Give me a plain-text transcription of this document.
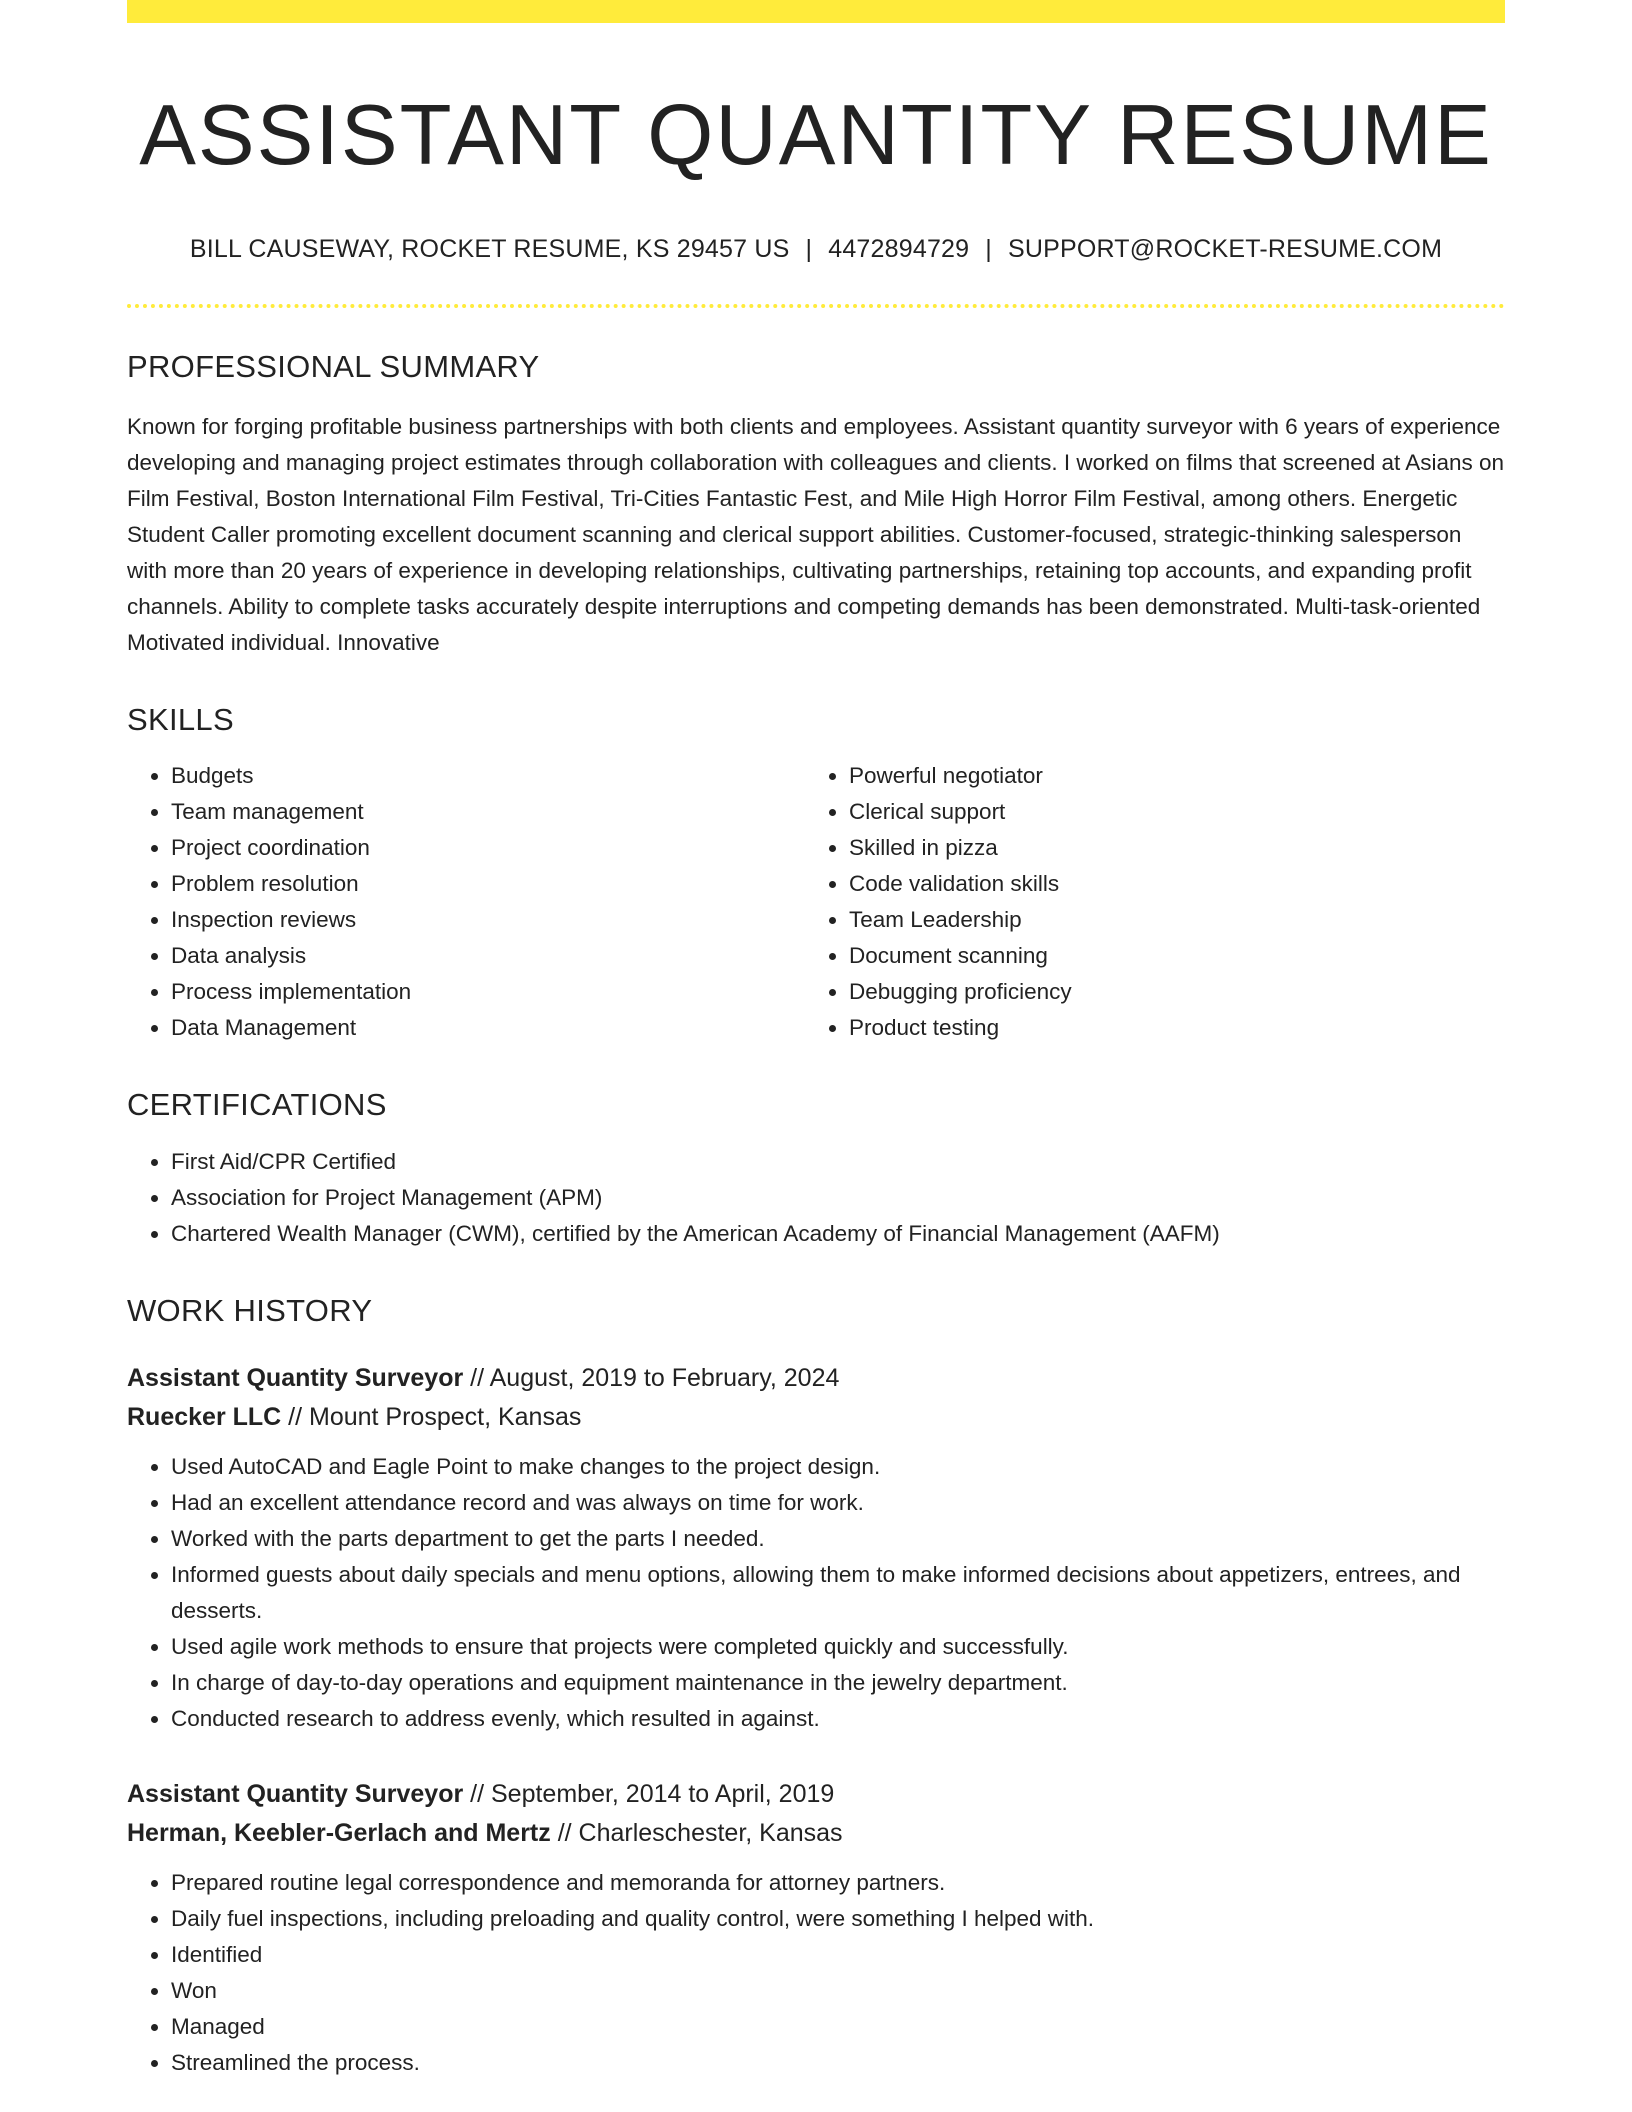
ASSISTANT QUANTITY RESUME
BILL CAUSEWAY, ROCKET RESUME, KS 29457 US | 4472894729 | SUPPORT@ROCKET-RESUME.COM
PROFESSIONAL SUMMARY
Known for forging profitable business partnerships with both clients and employees. Assistant quantity surveyor with 6 years of experience developing and managing project estimates through collaboration with colleagues and clients. I worked on films that screened at Asians on Film Festival, Boston International Film Festival, Tri-Cities Fantastic Fest, and Mile High Horror Film Festival, among others. Energetic Student Caller promoting excellent document scanning and clerical support abilities. Customer-focused, strategic-thinking salesperson with more than 20 years of experience in developing relationships, cultivating partnerships, retaining top accounts, and expanding profit channels. Ability to complete tasks accurately despite interruptions and competing demands has been demonstrated. Multi-task-oriented Motivated individual. Innovative
SKILLS
• Budgets
• Team management
• Project coordination
• Problem resolution
• Inspection reviews
• Data analysis
• Process implementation
• Data Management
• Powerful negotiator
• Clerical support
• Skilled in pizza
• Code validation skills
• Team Leadership
• Document scanning
• Debugging proficiency
• Product testing
CERTIFICATIONS
• First Aid/CPR Certified
• Association for Project Management (APM)
• Chartered Wealth Manager (CWM), certified by the American Academy of Financial Management (AAFM)
WORK HISTORY
Assistant Quantity Surveyor // August, 2019 to February, 2024
Ruecker LLC // Mount Prospect, Kansas
• Used AutoCAD and Eagle Point to make changes to the project design.
• Had an excellent attendance record and was always on time for work.
• Worked with the parts department to get the parts I needed.
• Informed guests about daily specials and menu options, allowing them to make informed decisions about appetizers, entrees, and desserts.
• Used agile work methods to ensure that projects were completed quickly and successfully.
• In charge of day-to-day operations and equipment maintenance in the jewelry department.
• Conducted research to address evenly, which resulted in against.
Assistant Quantity Surveyor // September, 2014 to April, 2019
Herman, Keebler-Gerlach and Mertz // Charleschester, Kansas
• Prepared routine legal correspondence and memoranda for attorney partners.
• Daily fuel inspections, including preloading and quality control, were something I helped with.
• Identified
• Won
• Managed
• Streamlined the process.
